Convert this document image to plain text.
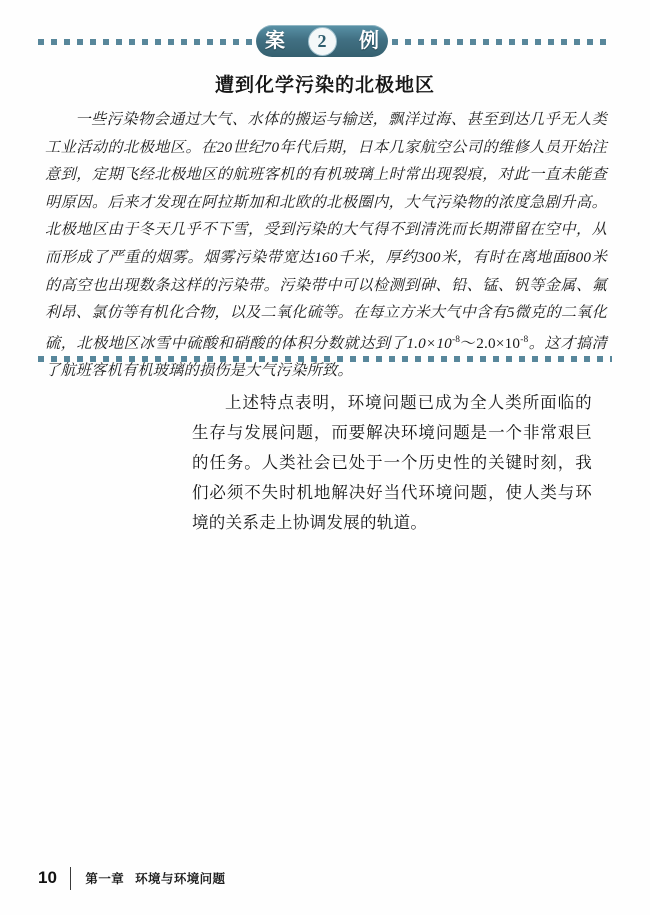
案 2 例
遭到化学污染的北极地区
一些污染物会通过大气、水体的搬运与输送，飘洋过海、甚至到达几乎无人类工业活动的北极地区。在20世纪70年代后期，日本几家航空公司的维修人员开始注意到，定期飞经北极地区的航班客机的有机玻璃上时常出现裂痕，对此一直未能查明原因。后来才发现在阿拉斯加和北欧的北极圈内，大气污染物的浓度急剧升高。北极地区由于冬天几乎不下雪，受到污染的大气得不到清洗而长期滞留在空中，从而形成了严重的烟雾。烟雾污染带宽达160千米，厚约300米，有时在离地面800米的高空也出现数条这样的污染带。污染带中可以检测到砷、铅、锰、钒等金属、氟利昂、氯仿等有机化合物，以及二氧化硫等。在每立方米大气中含有5微克的二氧化硫，北极地区冰雪中硫酸和硝酸的体积分数就达到了$1.0\times 10^{-8}\sim 2.0\times 10^{-8}$。这才搞清了航班客机有机玻璃的损伤是大气污染所致。
上述特点表明，环境问题已成为全人类所面临的生存与发展问题，而要解决环境问题是一个非常艰巨的任务。人类社会已处于一个历史性的关键时刻，我们必须不失时机地解决好当代环境问题，使人类与环境的关系走上协调发展的轨道。
10 第一章 环境与环境问题
